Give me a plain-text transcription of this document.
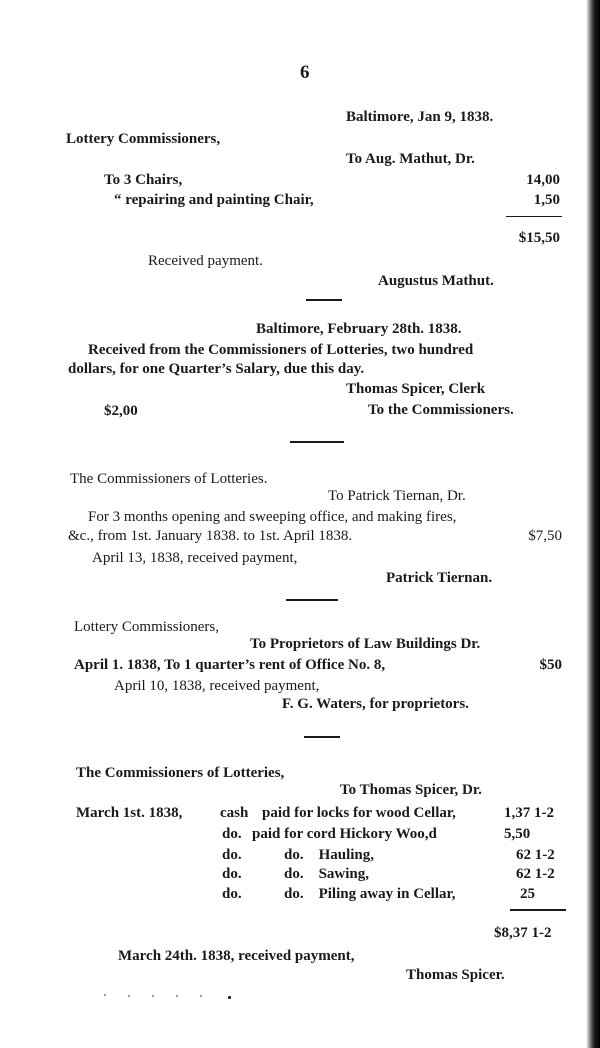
6
Baltimore, Jan 9, 1838.
Lottery Commissioners,
To Aug. Mathut, Dr.
To 3 Chairs,	14,00
“ repairing and painting Chair,	1,50
$15,50
Received payment.
Augustus Mathut.
Baltimore, February 28th. 1838.
Received from the Commissioners of Lotteries, two hundred
dollars, for one Quarter’s Salary, due this day.
Thomas Spicer, Clerk
$2,00	To the Commissioners.
The Commissioners of Lotteries.
To Patrick Tiernan, Dr.
For 3 months opening and sweeping office, and making fires,
&c., from 1st. January 1838. to 1st. April 1838.	$7,50
April 13, 1838, received payment,
Patrick Tiernan.
Lottery Commissioners,
To Proprietors of Law Buildings Dr.
April 1. 1838, To 1 quarter’s rent of Office No. 8,	$50
April 10, 1838, received payment,
F. G. Waters, for proprietors.
The Commissioners of Lotteries,
To Thomas Spicer, Dr.
March 1st. 1838,	cash paid for locks for wood Cellar,	1,37 1-2
do. paid for cord Hickory Woo,d	5,50
do.	do.    Hauling,	62 1-2
do.	do.    Sawing,	62 1-2
do.	do.    Piling away in Cellar,	25
$8,37 1-2
March 24th. 1838, received payment,
Thomas Spicer.
